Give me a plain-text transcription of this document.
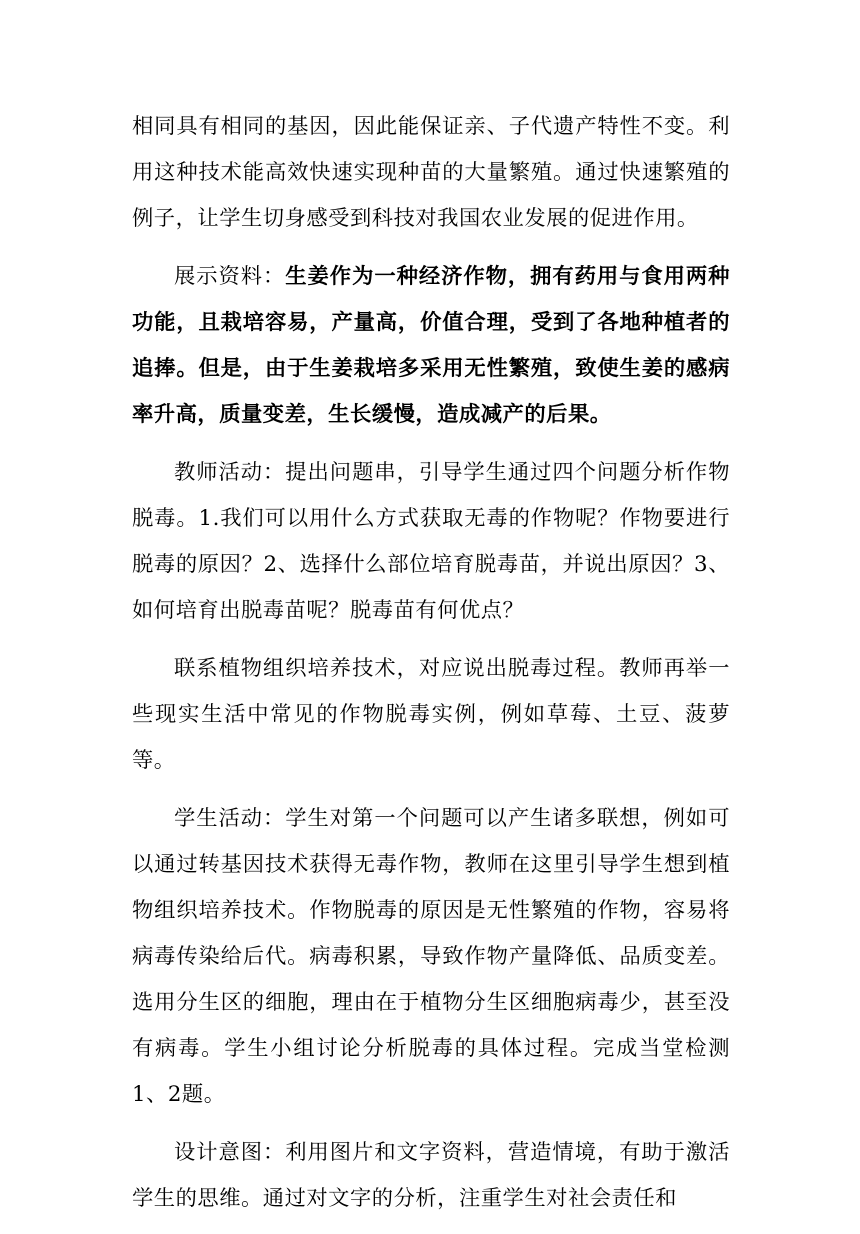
相同具有相同的基因，因此能保证亲、子代遗产特性不变。利用这种技术能高效快速实现种苗的大量繁殖。通过快速繁殖的例子，让学生切身感受到科技对我国农业发展的促进作用。

展示资料：生姜作为一种经济作物，拥有药用与食用两种功能，且栽培容易，产量高，价值合理，受到了各地种植者的追捧。但是，由于生姜栽培多采用无性繁殖，致使生姜的感病率升高，质量变差，生长缓慢，造成减产的后果。

教师活动：提出问题串，引导学生通过四个问题分析作物脱毒。1.我们可以用什么方式获取无毒的作物呢？作物要进行脱毒的原因？2、选择什么部位培育脱毒苗，并说出原因？3、如何培育出脱毒苗呢？脱毒苗有何优点？

联系植物组织培养技术，对应说出脱毒过程。教师再举一些现实生活中常见的作物脱毒实例，例如草莓、土豆、菠萝等。

学生活动：学生对第一个问题可以产生诸多联想，例如可以通过转基因技术获得无毒作物，教师在这里引导学生想到植物组织培养技术。作物脱毒的原因是无性繁殖的作物，容易将病毒传染给后代。病毒积累，导致作物产量降低、品质变差。选用分生区的细胞，理由在于植物分生区细胞病毒少，甚至没有病毒。学生小组讨论分析脱毒的具体过程。完成当堂检测1、2题。

设计意图：利用图片和文字资料，营造情境，有助于激活学生的思维。通过对文字的分析，注重学生对社会责任和
